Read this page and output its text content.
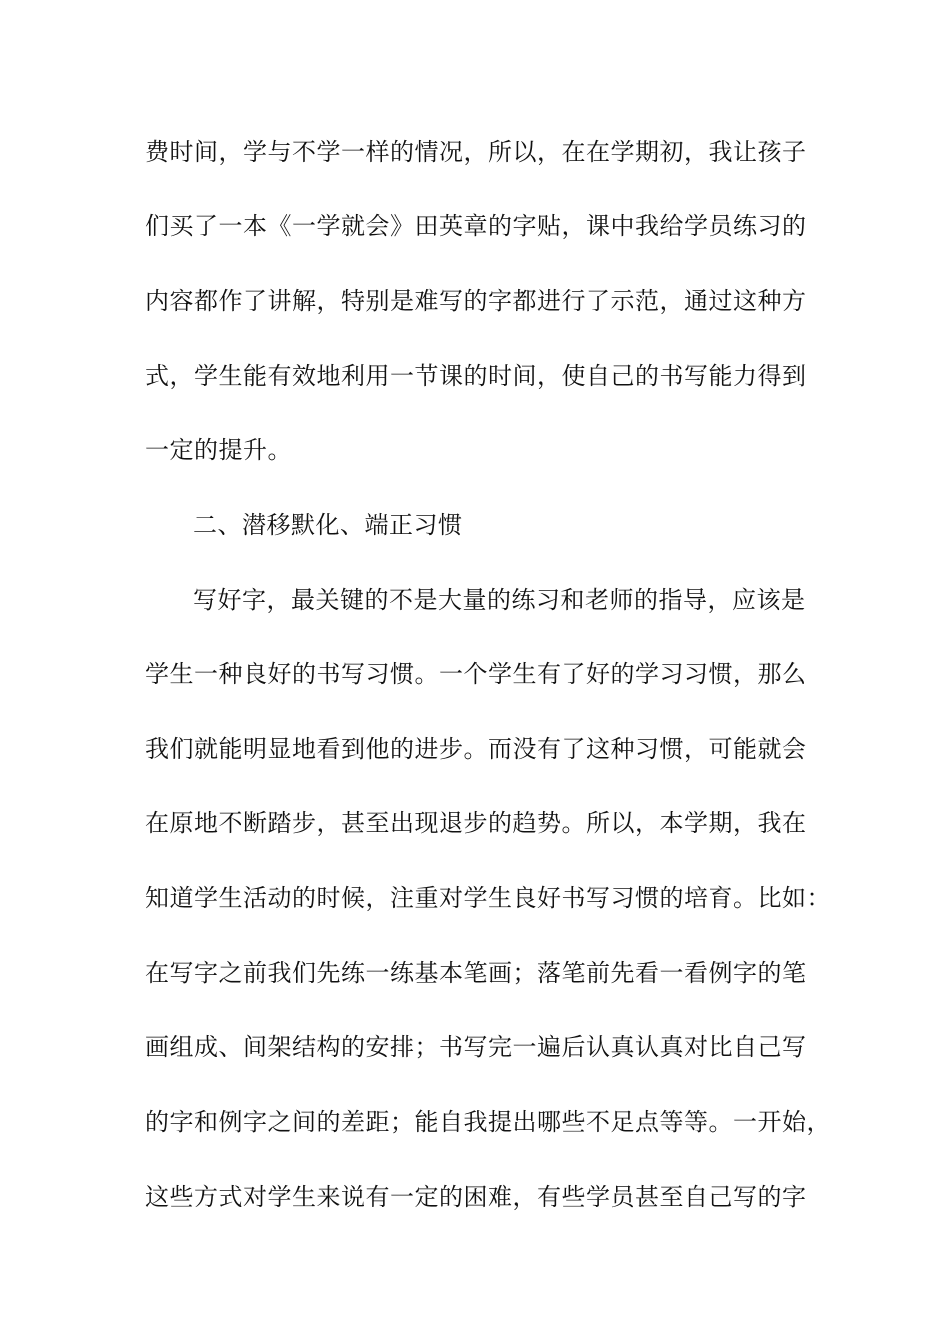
费时间，学与不学一样的情况，所以，在在学期初，我让孩子
们买了一本《一学就会》田英章的字贴，课中我给学员练习的
内容都作了讲解，特别是难写的字都进行了示范，通过这种方
式，学生能有效地利用一节课的时间，使自己的书写能力得到
一定的提升。
二、潜移默化、端正习惯
写好字，最关键的不是大量的练习和老师的指导，应该是
学生一种良好的书写习惯。一个学生有了好的学习习惯，那么
我们就能明显地看到他的进步。而没有了这种习惯，可能就会
在原地不断踏步，甚至出现退步的趋势。所以，本学期，我在
知道学生活动的时候，注重对学生良好书写习惯的培育。比如：
在写字之前我们先练一练基本笔画；落笔前先看一看例字的笔
画组成、间架结构的安排；书写完一遍后认真认真对比自己写
的字和例字之间的差距；能自我提出哪些不足点等等。一开始，
这些方式对学生来说有一定的困难，有些学员甚至自己写的字
